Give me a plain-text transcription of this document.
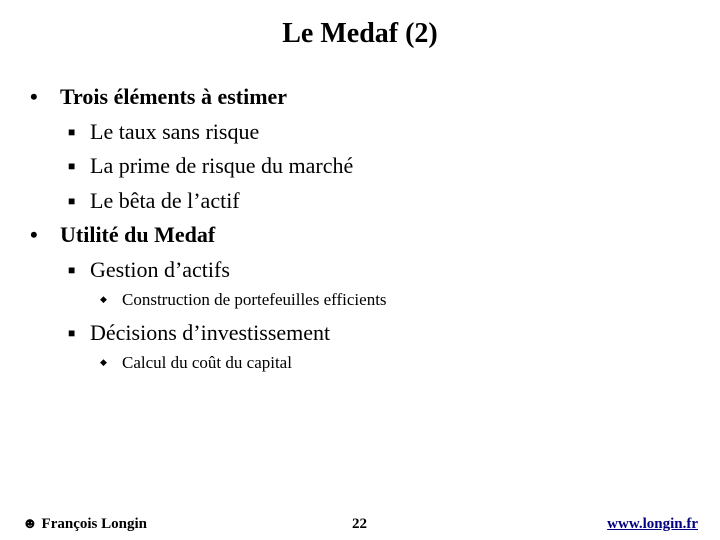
Le Medaf (2)
• Trois éléments à estimer
■ Le taux sans risque
■ La prime de risque du marché
■ Le bêta de l’actif
• Utilité du Medaf
■ Gestion d’actifs
◆ Construction de portefeuilles efficients
■ Décisions d’investissement
◆ Calcul du coût du capital
☻ François Longin	22	www.longin.fr
